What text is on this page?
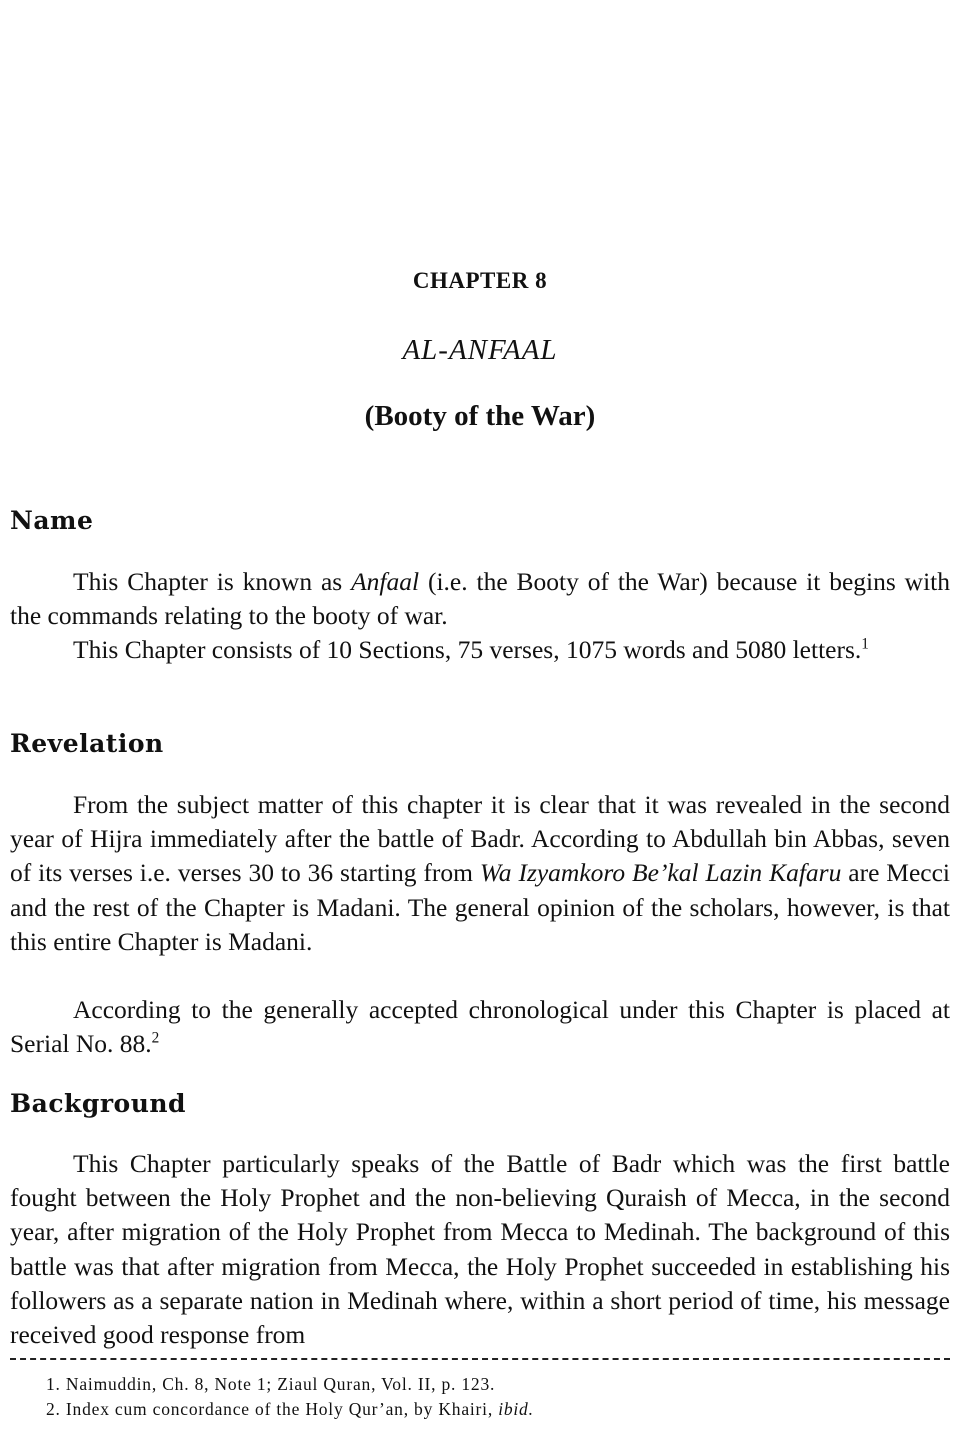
CHAPTER 8
AL-ANFAAL
(Booty of the War)
Name

This Chapter is known as Anfaal (i.e. the Booty of the War) because it begins with the commands relating to the booty of war.

This Chapter consists of 10 Sections, 75 verses, 1075 words and 5080 letters.$^1$

Revelation

From the subject matter of this chapter it is clear that it was revealed in the second year of Hijra immediately after the battle of Badr. According to Abdullah bin Abbas, seven of its verses i.e. verses 30 to 36 starting from Wa Izyamkoro Be’kal Lazin Kafaru are Mecci and the rest of the Chapter is Madani. The general opinion of the scholars, however, is that this entire Chapter is Madani.

According to the generally accepted chronological under this Chapter is placed at Serial No. 88.$^2$

Background

This Chapter particularly speaks of the Battle of Badr which was the first battle fought between the Holy Prophet and the non-believing Quraish of Mecca, in the second year, after migration of the Holy Prophet from Mecca to Medinah. The background of this battle was that after migration from Mecca, the Holy Prophet succeeded in establishing his followers as a separate nation in Medinah where, within a short period of time, his message received good response from

1. Naimuddin, Ch. 8, Note 1; Ziaul Quran, Vol. II, p. 123.
2. Index cum concordance of the Holy Qur’an, by Khairi, ibid.
